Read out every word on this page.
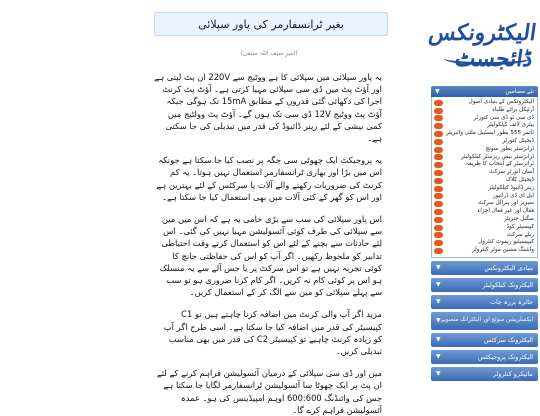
بغیر ٹرانسفارمر کی پاور سپلائی
(امیر سیف اللہ سیفی)

یہ پاور سپلائی میں سپلائی کا ہے ووٹیج سے 220V ان پٹ لیتی ہے اور آؤٹ پٹ میں ڈی سی سپلائی مہیا کرتی ہے۔ آؤٹ پٹ کرنٹ اجرا کی دکھائی گئی قدروں کے مطابق 15mA تک ہوگی جبکہ آؤٹ پٹ ووٹیج 12V ڈی سی تک ہوں گے۔ آؤٹ پٹ وولٹیج میں کمی بیشی کے لئے زینر ڈائیوڈ کی قدر میں تبدیلی کی جا سکتی ہے۔

یہ پروجیکٹ ایک چھوٹی سی جگہ پر نصب کیا جا سکتا ہے جونکہ اس میں بڑا اور بھاری ٹرانسفارمر استعمال نہیں ہوتا۔ یہ کم کرنٹ کی ضروریات رکھنے والے آلات یا سرکٹس کے لئے بہترین ہے اور اس کو گھر کے کئی آلات میں بھی استعمال کیا جا سکتا ہے۔

اس پاور سپلائی کی سب سے بڑی خامی یہ ہے کہ اس میں مین سے سپلائی کی طرف کوئی آئسولیشن مہیا نہیں کی گئی۔ اس لئے حادثات سے بچنے کے لئے اس کو استعمال کرتے وقت احتیاطی تدابیر کو ملحوظ رکھیں۔ اگر آپ کو اس کی حفاظتی جانچ کا کوئی تجربہ نہیں ہے تو اس سرکٹ پر یا جس آلے سے یہ منسلک ہو اس پر کوئی کام نہ کریں۔ اگر کام کرنا ضروری ہو تو سب سے پہلے سپلائی کو مین سے الگ کر کے استعمال کریں۔

مزید اگر آپ والی کرنٹ میں اضافہ کرنا چاہتے ہیں تو C1 کپیسیٹر کی قدر میں اضافہ کیا جا سکتا ہے۔ اسی طرح اگر آپ کو زیادہ کرنٹ چاہیے تو کپیسیٹر C2 کی قدر میں بھی مناسب تبدیلی کریں۔

مین اور ڈی سی سپلائی کے درمیان آئسولیشن فراہم کرنے کے لئے ان پٹ پر ایک چھوٹا سا آئسولیشن ٹرانسفارمر لگایا جا سکتا ہے جس کی وائنڈنگ 600:600 اوہم امپیڈینس کی ہو۔ عمدہ آئسولیشن فراہم کرے گا۔

الیکٹرونکس ڈائجسٹ
نئے مضامین
▼
الیکٹرونکس کے بنیادی اصول
آرٹیکل برائے طلباء
ڈی سی ٹو ڈی سی کنورٹر
بیٹری لائف کیلکولیٹر
ٹائمر 555 بطور ایسٹیبل ملٹی وائبریٹر
ڈیجیٹل کنورٹر
ٹرانزسٹر بطور سوئچ
ٹرانزسٹر بیس ریزسٹر کیلکولیٹر
ٹرانزسٹر کے انتخاب کا طریقہ
آسان انورٹر سرکٹ
ڈیجیٹل کلاک
زینر ڈائیوڈ کیلکولیٹر
ایل ای ڈی ڈرائیور
سیریز اور پیرالل سرکٹ
فعال اور غیر فعال اجزاء
سگنل جنریٹر
کپیسیٹر کوڈ
ریلے سرکٹ
کیپیسیٹیو ریموٹ کنٹرول
واشنگ مشین موٹر کنٹرولر
بنیادی الیکٹرونکس
▼
الیکٹرونک کیلکولیٹر
▼
جائزہ پرزہ جات
▼
ایکسلریشن سوئچ اور الیکٹرانک منصوبے
▼
الیکٹرونک سرکٹس
▼
الیکٹرونک پروجیکٹس
▼
مائیکرو کنٹرولر
▼
